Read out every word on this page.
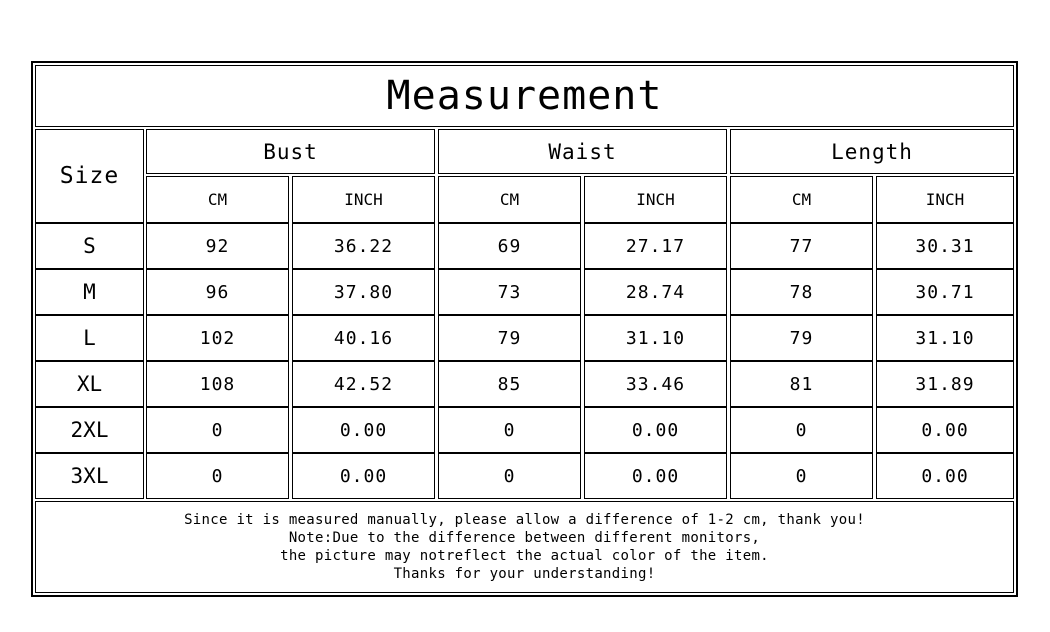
Measurement
Size
Bust	Waist	Length
CM	INCH	CM	INCH	CM	INCH
S	92	36.22	69	27.17	77	30.31
M	96	37.80	73	28.74	78	30.71
L	102	40.16	79	31.10	79	31.10
XL	108	42.52	85	33.46	81	31.89
2XL	0	0.00	0	0.00	0	0.00
3XL	0	0.00	0	0.00	0	0.00
Since it is measured manually, please allow a difference of 1-2 cm, thank you!
Note:Due to the difference between different monitors,
the picture may notreflect the actual color of the item.
Thanks for your understanding!
